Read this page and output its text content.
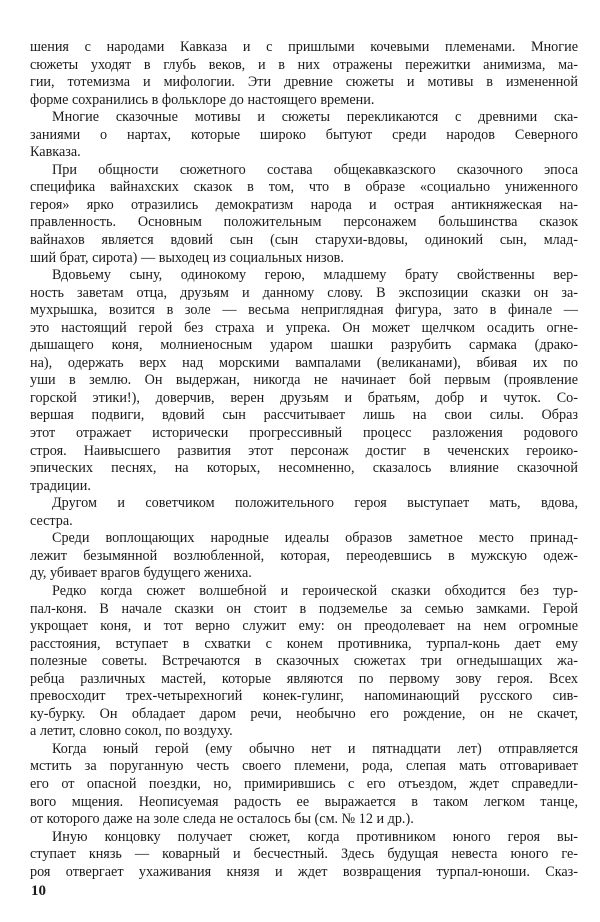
шения с народами Кавказа и с пришлыми кочевыми племенами. Многие
сюжеты уходят в глубь веков, и в них отражены пережитки анимизма, ма-
гии, тотемизма и мифологии. Эти древние сюжеты и мотивы в измененной
форме сохранились в фольклоре до настоящего времени.
Многие сказочные мотивы и сюжеты перекликаются с древними ска-
заниями о нартах, которые широко бытуют среди народов Северного
Кавказа.
При общности сюжетного состава общекавказского сказочного эпоса
специфика вайнахских сказок в том, что в образе «социально униженного
героя» ярко отразились демократизм народа и острая антикняжеская на-
правленность. Основным положительным персонажем большинства сказок
вайнахов является вдовий сын (сын старухи-вдовы, одинокий сын, млад-
ший брат, сирота) — выходец из социальных низов.
Вдовьему сыну, одинокому герою, младшему брату свойственны вер-
ность заветам отца, друзьям и данному слову. В экспозиции сказки он за-
мухрышка, возится в золе — весьма неприглядная фигура, зато в финале —
это настоящий герой без страха и упрека. Он может щелчком осадить огне-
дышащего коня, молниеносным ударом шашки разрубить сармака (драко-
на), одержать верх над морскими вампалами (великанами), вбивая их по
уши в землю. Он выдержан, никогда не начинает бой первым (проявление
горской этики!), доверчив, верен друзьям и братьям, добр и чуток. Со-
вершая подвиги, вдовий сын рассчитывает лишь на свои силы. Образ
этот отражает исторически прогрессивный процесс разложения родового
строя. Наивысшего развития этот персонаж достиг в чеченских героико-
эпических песнях, на которых, несомненно, сказалось влияние сказочной
традиции.
Другом и советчиком положительного героя выступает мать, вдова,
сестра.
Среди воплощающих народные идеалы образов заметное место принад-
лежит безымянной возлюбленной, которая, переодевшись в мужскую одеж-
ду, убивает врагов будущего жениха.
Редко когда сюжет волшебной и героической сказки обходится без тур-
пал-коня. В начале сказки он стоит в подземелье за семью замками. Герой
укрощает коня, и тот верно служит ему: он преодолевает на нем огромные
расстояния, вступает в схватки с конем противника, турпал-конь дает ему
полезные советы. Встречаются в сказочных сюжетах три огнедышащих жа-
ребца различных мастей, которые являются по первому зову героя. Всех
превосходит трех-четырехногий конек-гулинг, напоминающий русского сив-
ку-бурку. Он обладает даром речи, необычно его рождение, он не скачет,
а летит, словно сокол, по воздуху.
Когда юный герой (ему обычно нет и пятнадцати лет) отправляется
мстить за поруганную честь своего племени, рода, слепая мать отговаривает
его от опасной поездки, но, примирившись с его отъездом, ждет справедли-
вого мщения. Неописуемая радость ее выражается в таком легком танце,
от которого даже на золе следа не осталось бы (см. № 12 и др.).
Иную концовку получает сюжет, когда противником юного героя вы-
ступает князь — коварный и бесчестный. Здесь будущая невеста юного ге-
роя отвергает ухаживания князя и ждет возвращения турпал-юноши. Сказ-
10
